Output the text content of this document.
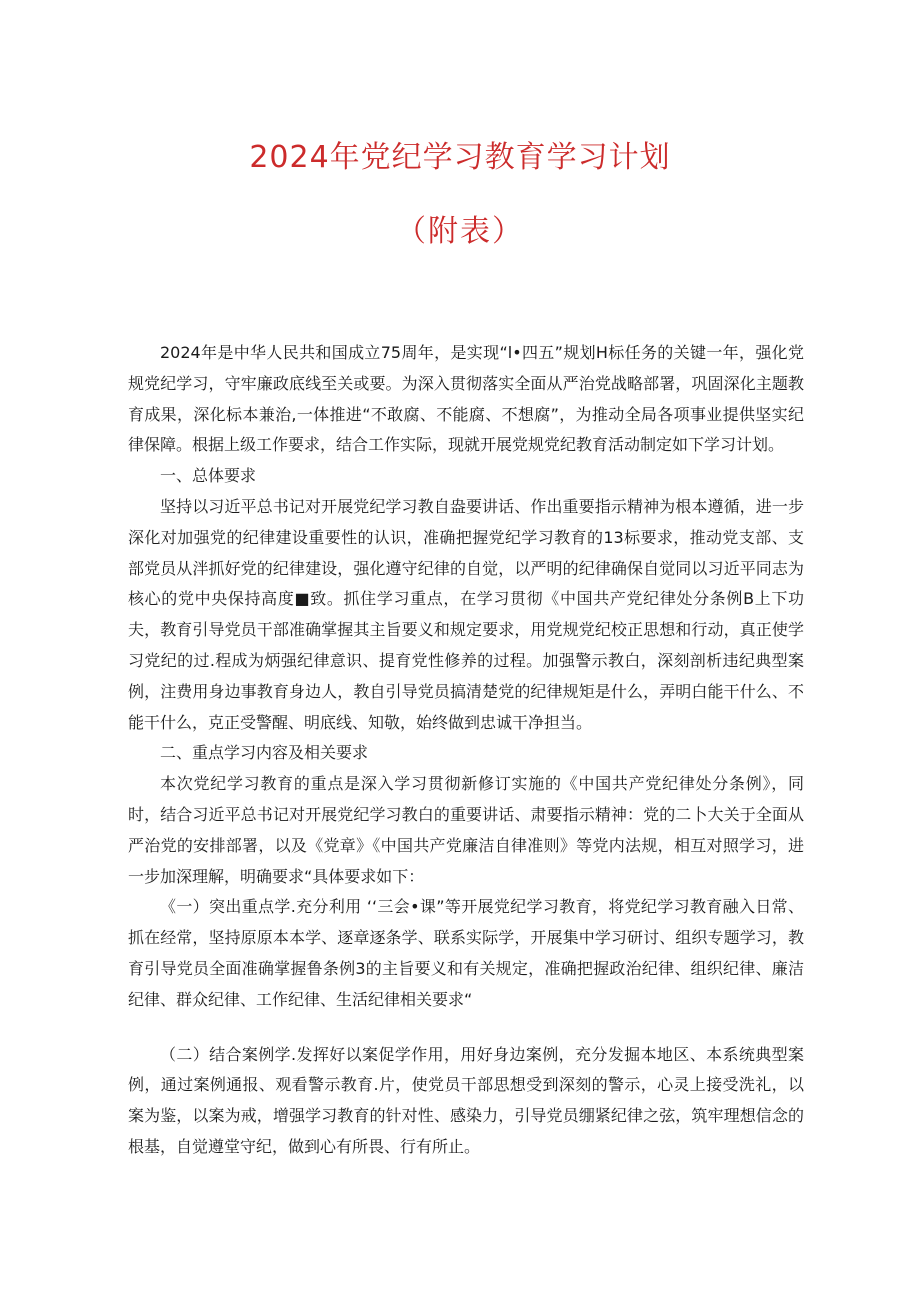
2024年党纪学习教育学习计划
（附表）

2024年是中华人民共和国成立75周年，是实现“l•四五”规划H标任务的关键一年，强化党规党纪学习，守牢廉政底线至关或要。为深入贯彻落实全面从严治党战略部署，巩固深化主题教育成果，深化标本兼治,一体推进“不敢腐、不能腐、不想腐”，为推动全局各项事业提供坚实纪律保障。根据上级工作要求，结合工作实际，现就开展党规党纪教育活动制定如下学习计划。

一、总体要求

坚持以习近平总书记对开展党纪学习教自盎要讲话、作出重要指示精神为根本遵循，进一步深化对加强党的纪律建设重要性的认识，准确把握党纪学习教育的13标要求，推动党支部、支部党员从泮抓好党的纪律建设，强化遵守纪律的自觉，以严明的纪律确保自觉同以习近平同志为核心的党中央保持高度■致。抓住学习重点，在学习贯彻《中国共产党纪律处分条例B上下功夫，教育引导党员干部准确掌握其主旨要义和规定要求，用党规党纪校正思想和行动，真正使学习党纪的过.程成为炳强纪律意识、提育党性修养的过程。加强警示教白，深刻剖析违纪典型案例，注费用身边事教育身边人，教自引导党员搞清楚党的纪律规矩是什么，弄明白能干什么、不能干什么，克正受警醒、明底线、知敬，始终做到忠诚干净担当。

二、重点学习内容及相关要求

本次党纪学习教育的重点是深入学习贯彻新修订实施的《中国共产党纪律处分条例》，同时，结合习近平总书记对开展党纪学习教白的重要讲话、肃要指示精神：党的二卜大关于全面从严治党的安排部署，以及《党章》《中国共产党廉洁自律准则》等党内法规，相互对照学习，进一步加深理解，明确要求“具体要求如下：

《一）突出重点学.充分利用 ‘‘三会•课”等开展党纪学习教育，将党纪学习教育融入日常、抓在经常，坚持原原本本学、逐章逐条学、联系实际学，开展集中学习研讨、组织专题学习，教育引导党员全面准确掌握鲁条例3的主旨要义和有关规定，准确把握政治纪律、组织纪律、廉洁纪律、群众纪律、工作纪律、生活纪律相关要求“

（二）结合案例学.发挥好以案促学作用，用好身边案例，充分发掘本地区、本系统典型案例，通过案例通报、观看警示教育.片，使党员干部思想受到深刻的警示，心灵上接受洗礼，以案为鉴，以案为戒，增强学习教育的针对性、感染力，引导党员绷紧纪律之弦，筑牢理想信念的根基，自觉遵堂守纪，做到心有所畏、行有所止。
